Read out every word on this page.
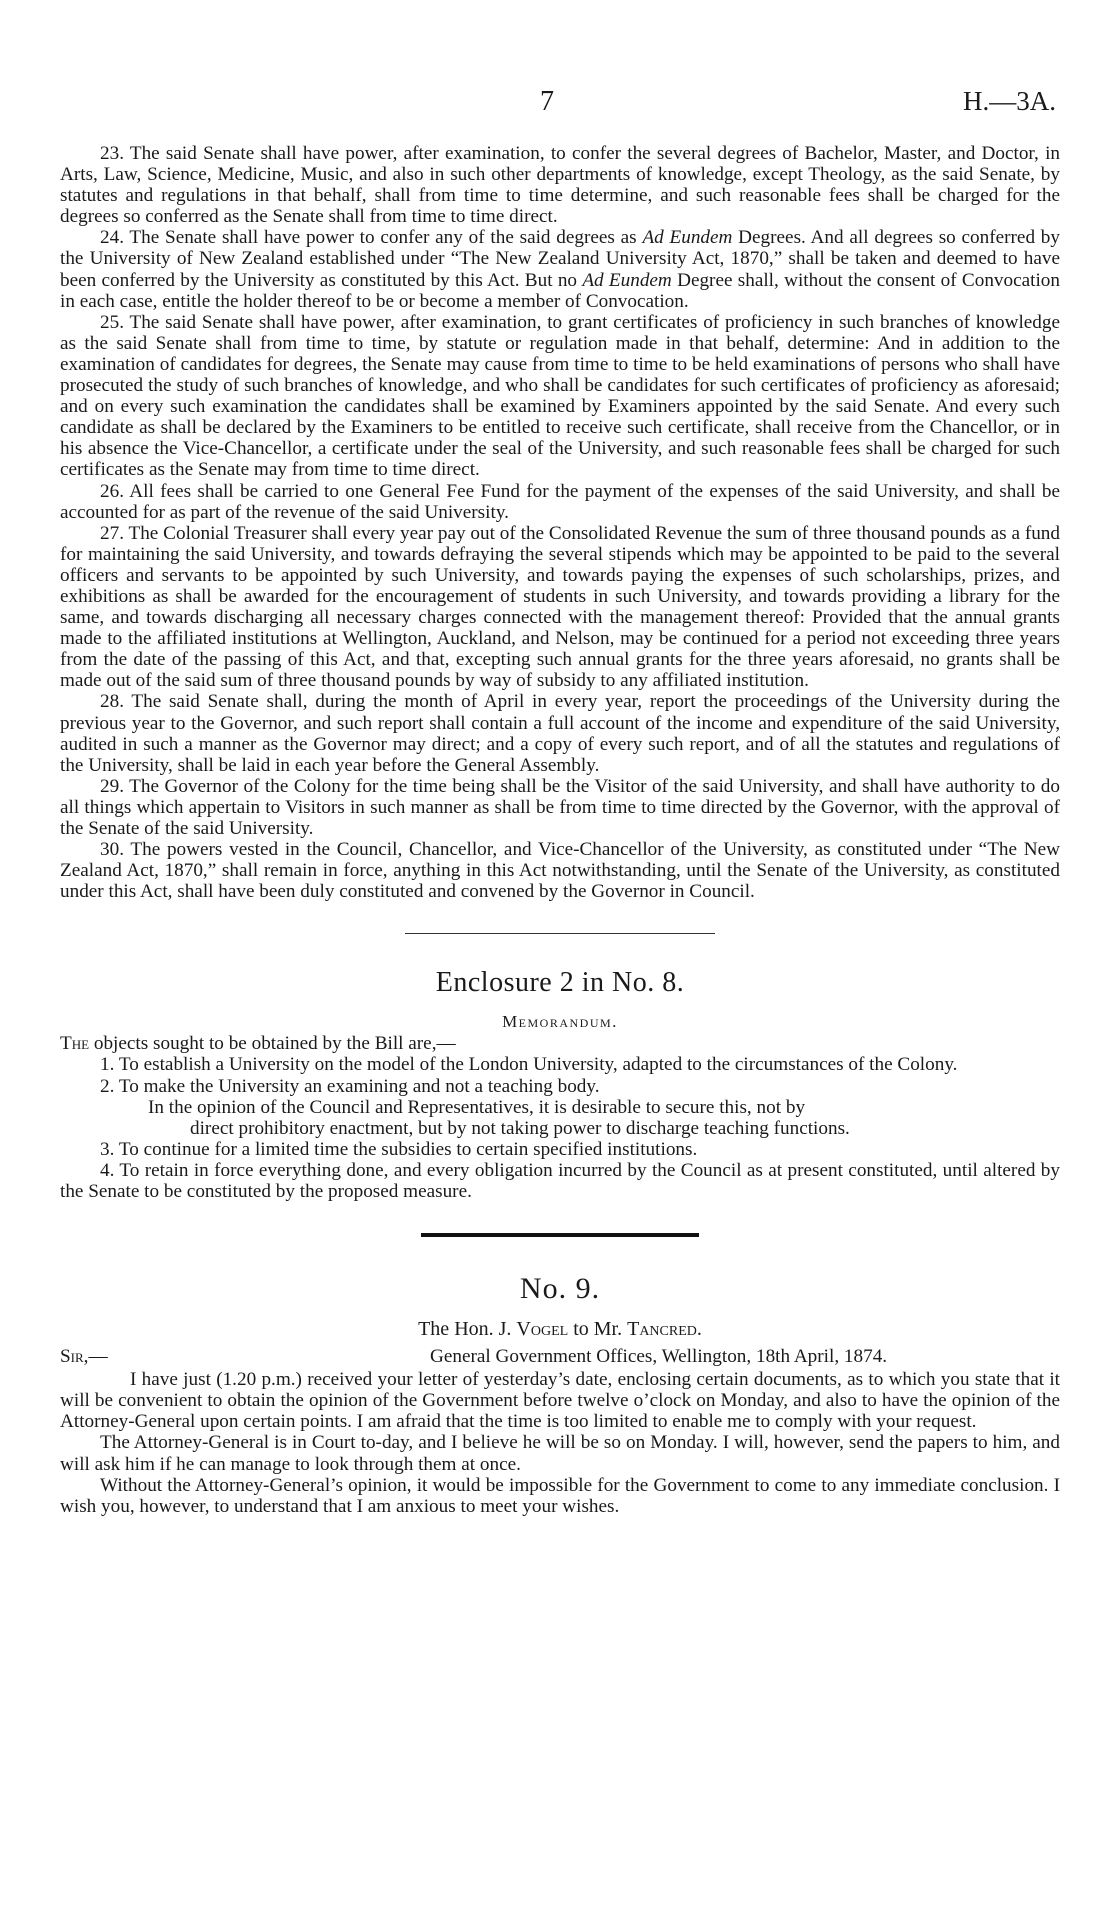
7	H.—3A.

23. The said Senate shall have power, after examination, to confer the several degrees of Bachelor, Master, and Doctor, in Arts, Law, Science, Medicine, Music, and also in such other departments of knowledge, except Theology, as the said Senate, by statutes and regulations in that behalf, shall from time to time determine, and such reasonable fees shall be charged for the degrees so conferred as the Senate shall from time to time direct.

24. The Senate shall have power to confer any of the said degrees as Ad Eundem Degrees. And all degrees so conferred by the University of New Zealand established under “The New Zealand University Act, 1870,” shall be taken and deemed to have been conferred by the University as constituted by this Act. But no Ad Eundem Degree shall, without the consent of Convocation in each case, entitle the holder thereof to be or become a member of Convocation.

25. The said Senate shall have power, after examination, to grant certificates of proficiency in such branches of knowledge as the said Senate shall from time to time, by statute or regulation made in that behalf, determine: And in addition to the examination of candidates for degrees, the Senate may cause from time to time to be held examinations of persons who shall have prosecuted the study of such branches of knowledge, and who shall be candidates for such certificates of proficiency as aforesaid; and on every such examination the candidates shall be examined by Examiners appointed by the said Senate. And every such candidate as shall be declared by the Examiners to be entitled to receive such certificate, shall receive from the Chancellor, or in his absence the Vice-Chancellor, a certificate under the seal of the University, and such reasonable fees shall be charged for such certificates as the Senate may from time to time direct.

26. All fees shall be carried to one General Fee Fund for the payment of the expenses of the said University, and shall be accounted for as part of the revenue of the said University.

27. The Colonial Treasurer shall every year pay out of the Consolidated Revenue the sum of three thousand pounds as a fund for maintaining the said University, and towards defraying the several stipends which may be appointed to be paid to the several officers and servants to be appointed by such University, and towards paying the expenses of such scholarships, prizes, and exhibitions as shall be awarded for the encouragement of students in such University, and towards providing a library for the same, and towards discharging all necessary charges connected with the management thereof: Provided that the annual grants made to the affiliated institutions at Wellington, Auckland, and Nelson, may be continued for a period not exceeding three years from the date of the passing of this Act, and that, excepting such annual grants for the three years aforesaid, no grants shall be made out of the said sum of three thousand pounds by way of subsidy to any affiliated institution.

28. The said Senate shall, during the month of April in every year, report the proceedings of the University during the previous year to the Governor, and such report shall contain a full account of the income and expenditure of the said University, audited in such a manner as the Governor may direct; and a copy of every such report, and of all the statutes and regulations of the University, shall be laid in each year before the General Assembly.

29. The Governor of the Colony for the time being shall be the Visitor of the said University, and shall have authority to do all things which appertain to Visitors in such manner as shall be from time to time directed by the Governor, with the approval of the Senate of the said University.

30. The powers vested in the Council, Chancellor, and Vice-Chancellor of the University, as constituted under “The New Zealand Act, 1870,” shall remain in force, anything in this Act notwithstanding, until the Senate of the University, as constituted under this Act, shall have been duly constituted and convened by the Governor in Council.

Enclosure 2 in No. 8.
Memorandum.

The objects sought to be obtained by the Bill are,—

1. To establish a University on the model of the London University, adapted to the circumstances of the Colony.

2. To make the University an examining and not a teaching body.

In the opinion of the Council and Representatives, it is desirable to secure this, not by

direct prohibitory enactment, but by not taking power to discharge teaching functions.

3. To continue for a limited time the subsidies to certain specified institutions.

4. To retain in force everything done, and every obligation incurred by the Council as at present constituted, until altered by the Senate to be constituted by the proposed measure.

No. 9.
The Hon. J. Vogel to Mr. Tancred.
Sir,—	General Government Offices, Wellington, 18th April, 1874.

I have just (1.20 p.m.) received your letter of yesterday’s date, enclosing certain documents, as to which you state that it will be convenient to obtain the opinion of the Government before twelve o’clock on Monday, and also to have the opinion of the Attorney-General upon certain points. I am afraid that the time is too limited to enable me to comply with your request.

The Attorney-General is in Court to-day, and I believe he will be so on Monday. I will, however, send the papers to him, and will ask him if he can manage to look through them at once.

Without the Attorney-General’s opinion, it would be impossible for the Government to come to any immediate conclusion. I wish you, however, to understand that I am anxious to meet your wishes.
